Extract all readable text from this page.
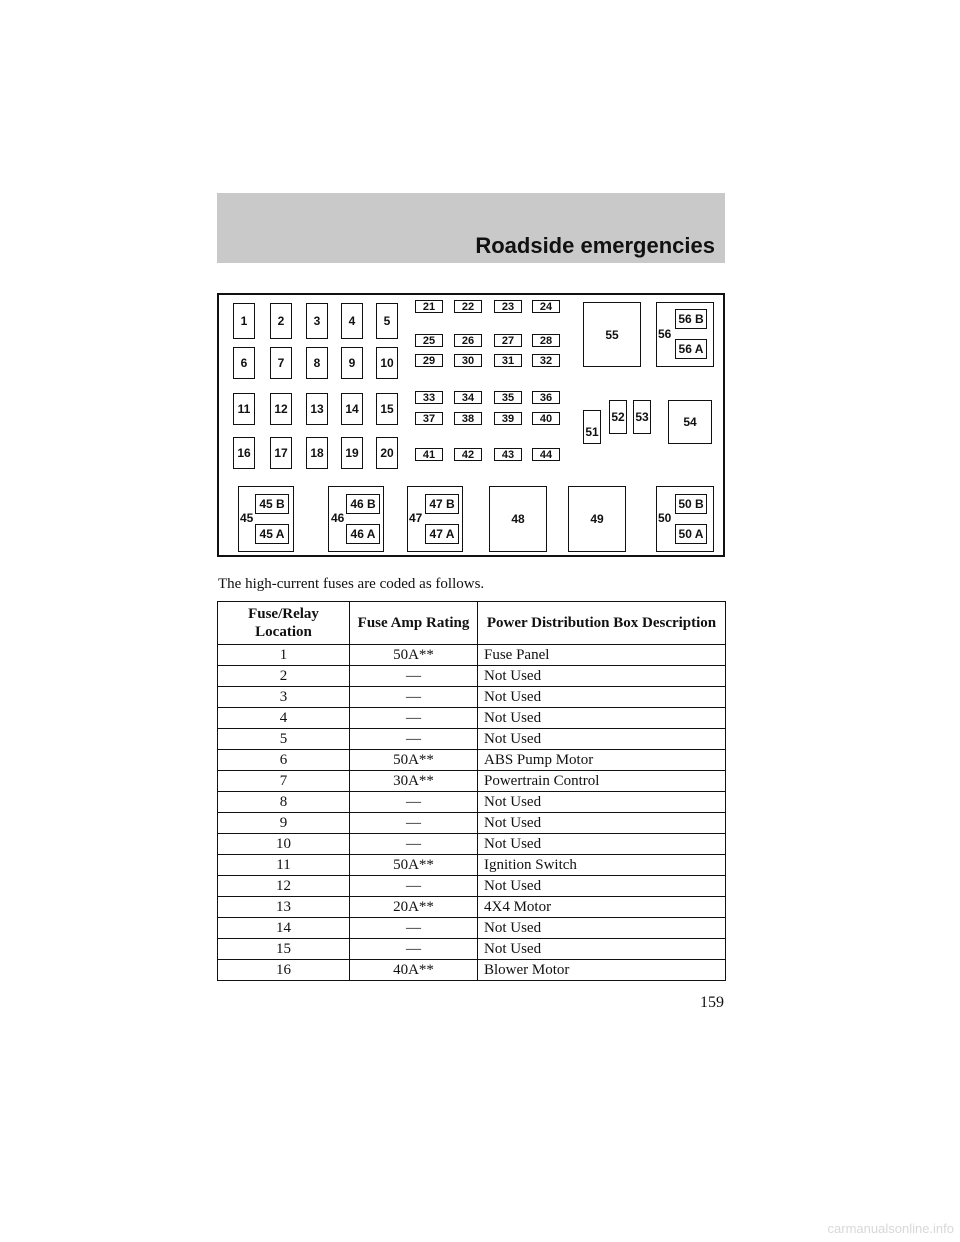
Roadside emergencies
1	2	3	4	5
6	7	8	9	10
11	12	13	14	15
16	17	18	19	20
21	22	23	24
25	26	27	28
29	30	31	32
33	34	35	36
37	38	39	40
41	42	43	44
55	56
56 B
56 A
51
52 53	54
45
45 B
45 A
46
46 B
46 A
47
47 B
47 A
48	49	50
50 B
50 A
The high-current fuses are coded as follows.
Fuse/Relay Location	Fuse Amp Rating	Power Distribution Box Description
1	50A**	Fuse Panel
2	—	Not Used
3	—	Not Used
4	—	Not Used
5	—	Not Used
6	50A**	ABS Pump Motor
7	30A**	Powertrain Control
8	—	Not Used
9	—	Not Used
10	—	Not Used
11	50A**	Ignition Switch
12	—	Not Used
13	20A**	4X4 Motor
14	—	Not Used
15	—	Not Used
16	40A**	Blower Motor
159
carmanualsonline.info
